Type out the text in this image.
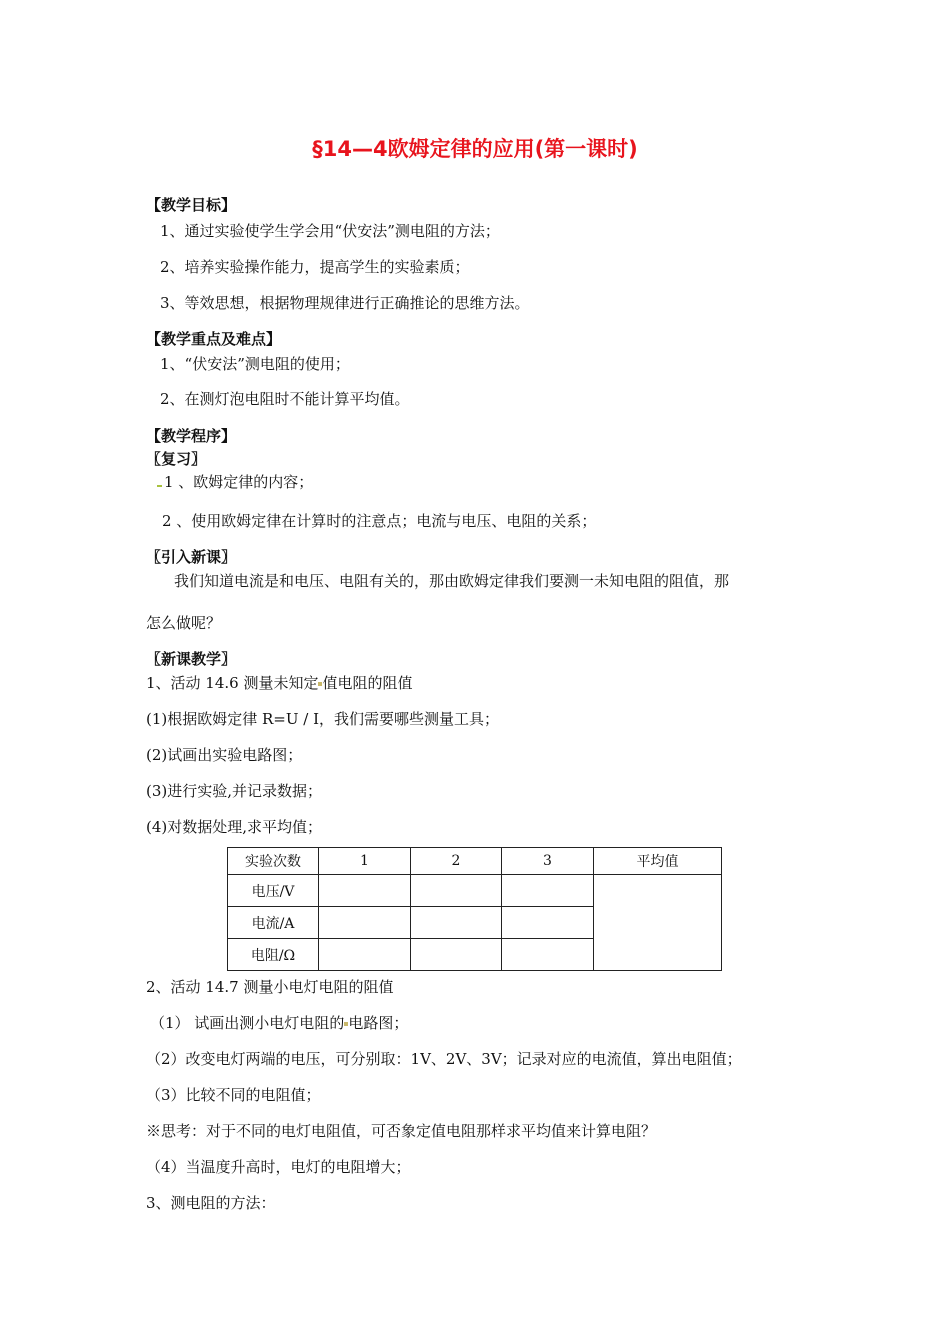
§14—4欧姆定律的应用(第一课时)
【教学目标】
1、通过实验使学生学会用“伏安法”测电阻的方法；
2、培养实验操作能力，提高学生的实验素质；
3、等效思想，根据物理规律进行正确推论的思维方法。
【教学重点及难点】
1、“伏安法”测电阻的使用；
2、在测灯泡电阻时不能计算平均值。
【教学程序】
〖复习〗
1 、欧姆定律的内容；
2 、使用欧姆定律在计算时的注意点；电流与电压、电阻的关系；
〖引入新课〗
我们知道电流是和电压、电阻有关的，那由欧姆定律我们要测一未知电阻的阻值，那
怎么做呢？
〖新课教学〗
1、活动 14.6 测量未知定 值电阻的阻值
(1)根据欧姆定律 R=U / I，我们需要哪些测量工具；
(2)试画出实验电路图；
(3)进行实验,并记录数据；
(4)对数据处理,求平均值；
实验次数	1	2	3	平均值
电压/V				
电流/A				
电阻/Ω				
2、活动 14.7 测量小电灯电阻的阻值
（1） 试画出测小电灯电阻的 电路图；
（2）改变电灯两端的电压，可分别取：1V、2V、3V；记录对应的电流值，算出电阻值；
（3）比较不同的电阻值；
※思考：对于不同的电灯电阻值，可否象定值电阻那样求平均值来计算电阻？
（4）当温度升高时，电灯的电阻增大；
3、测电阻的方法：
